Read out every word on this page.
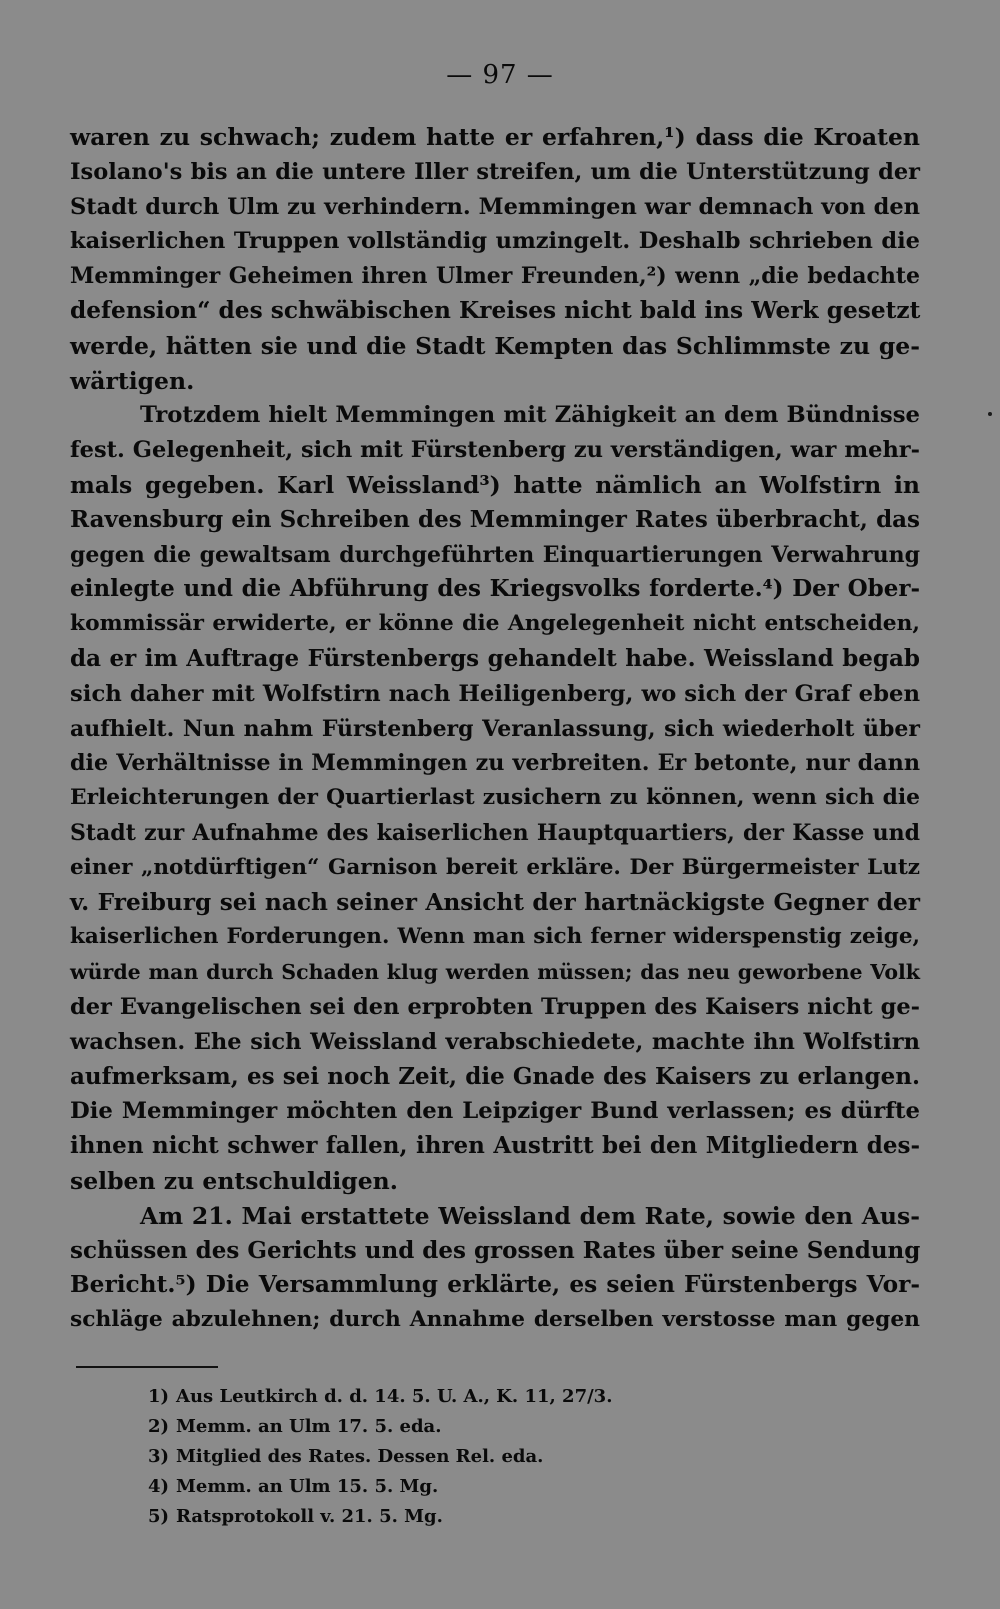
— 97 —
waren zu schwach; zudem hatte er erfahren,¹) dass die Kroaten
Isolano's bis an die untere Iller streifen, um die Unterstützung der
Stadt durch Ulm zu verhindern. Memmingen war demnach von den
kaiserlichen Truppen vollständig umzingelt. Deshalb schrieben die
Memminger Geheimen ihren Ulmer Freunden,²) wenn „die bedachte
defension“ des schwäbischen Kreises nicht bald ins Werk gesetzt
werde, hätten sie und die Stadt Kempten das Schlimmste zu ge-
wärtigen.
Trotzdem hielt Memmingen mit Zähigkeit an dem Bündnisse
fest. Gelegenheit, sich mit Fürstenberg zu verständigen, war mehr-
mals gegeben. Karl Weissland³) hatte nämlich an Wolfstirn in
Ravensburg ein Schreiben des Memminger Rates überbracht, das
gegen die gewaltsam durchgeführten Einquartierungen Verwahrung
einlegte und die Abführung des Kriegsvolks forderte.⁴) Der Ober-
kommissär erwiderte, er könne die Angelegenheit nicht entscheiden,
da er im Auftrage Fürstenbergs gehandelt habe. Weissland begab
sich daher mit Wolfstirn nach Heiligenberg, wo sich der Graf eben
aufhielt. Nun nahm Fürstenberg Veranlassung, sich wiederholt über
die Verhältnisse in Memmingen zu verbreiten. Er betonte, nur dann
Erleichterungen der Quartierlast zusichern zu können, wenn sich die
Stadt zur Aufnahme des kaiserlichen Hauptquartiers, der Kasse und
einer „notdürftigen“ Garnison bereit erkläre. Der Bürgermeister Lutz
v. Freiburg sei nach seiner Ansicht der hartnäckigste Gegner der
kaiserlichen Forderungen. Wenn man sich ferner widerspenstig zeige,
würde man durch Schaden klug werden müssen; das neu geworbene Volk
der Evangelischen sei den erprobten Truppen des Kaisers nicht ge-
wachsen. Ehe sich Weissland verabschiedete, machte ihn Wolfstirn
aufmerksam, es sei noch Zeit, die Gnade des Kaisers zu erlangen.
Die Memminger möchten den Leipziger Bund verlassen; es dürfte
ihnen nicht schwer fallen, ihren Austritt bei den Mitgliedern des-
selben zu entschuldigen.
Am 21. Mai erstattete Weissland dem Rate, sowie den Aus-
schüssen des Gerichts und des grossen Rates über seine Sendung
Bericht.⁵) Die Versammlung erklärte, es seien Fürstenbergs Vor-
schläge abzulehnen; durch Annahme derselben verstosse man gegen
1) Aus Leutkirch d. d. 14. 5. U. A., K. 11, 27/3.
2) Memm. an Ulm 17. 5. eda.
3) Mitglied des Rates. Dessen Rel. eda.
4) Memm. an Ulm 15. 5. Mg.
5) Ratsprotokoll v. 21. 5. Mg.
